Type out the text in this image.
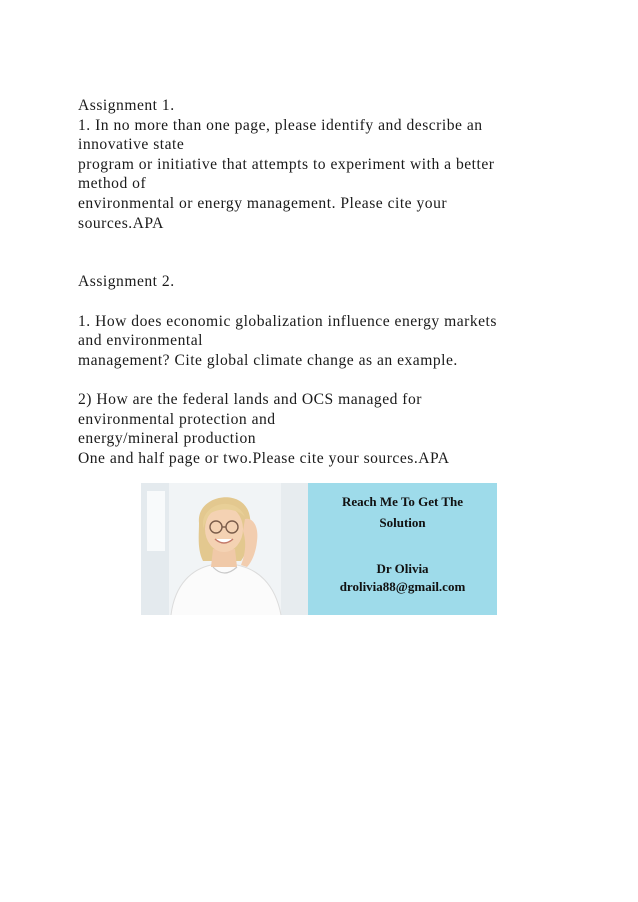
Assignment 1.
1. In no more than one page, please identify and describe an
innovative state
program or initiative that attempts to experiment with a better
method of
environmental or energy management. Please cite your
sources.APA
Assignment 2.
1. How does economic globalization influence energy markets
and environmental
management? Cite global climate change as an example.
2) How are the federal lands and OCS managed for
environmental protection and
energy/mineral production
One and half page or two.Please cite your sources.APA
Reach Me To Get The
Solution
Dr Olivia
drolivia88@gmail.com
